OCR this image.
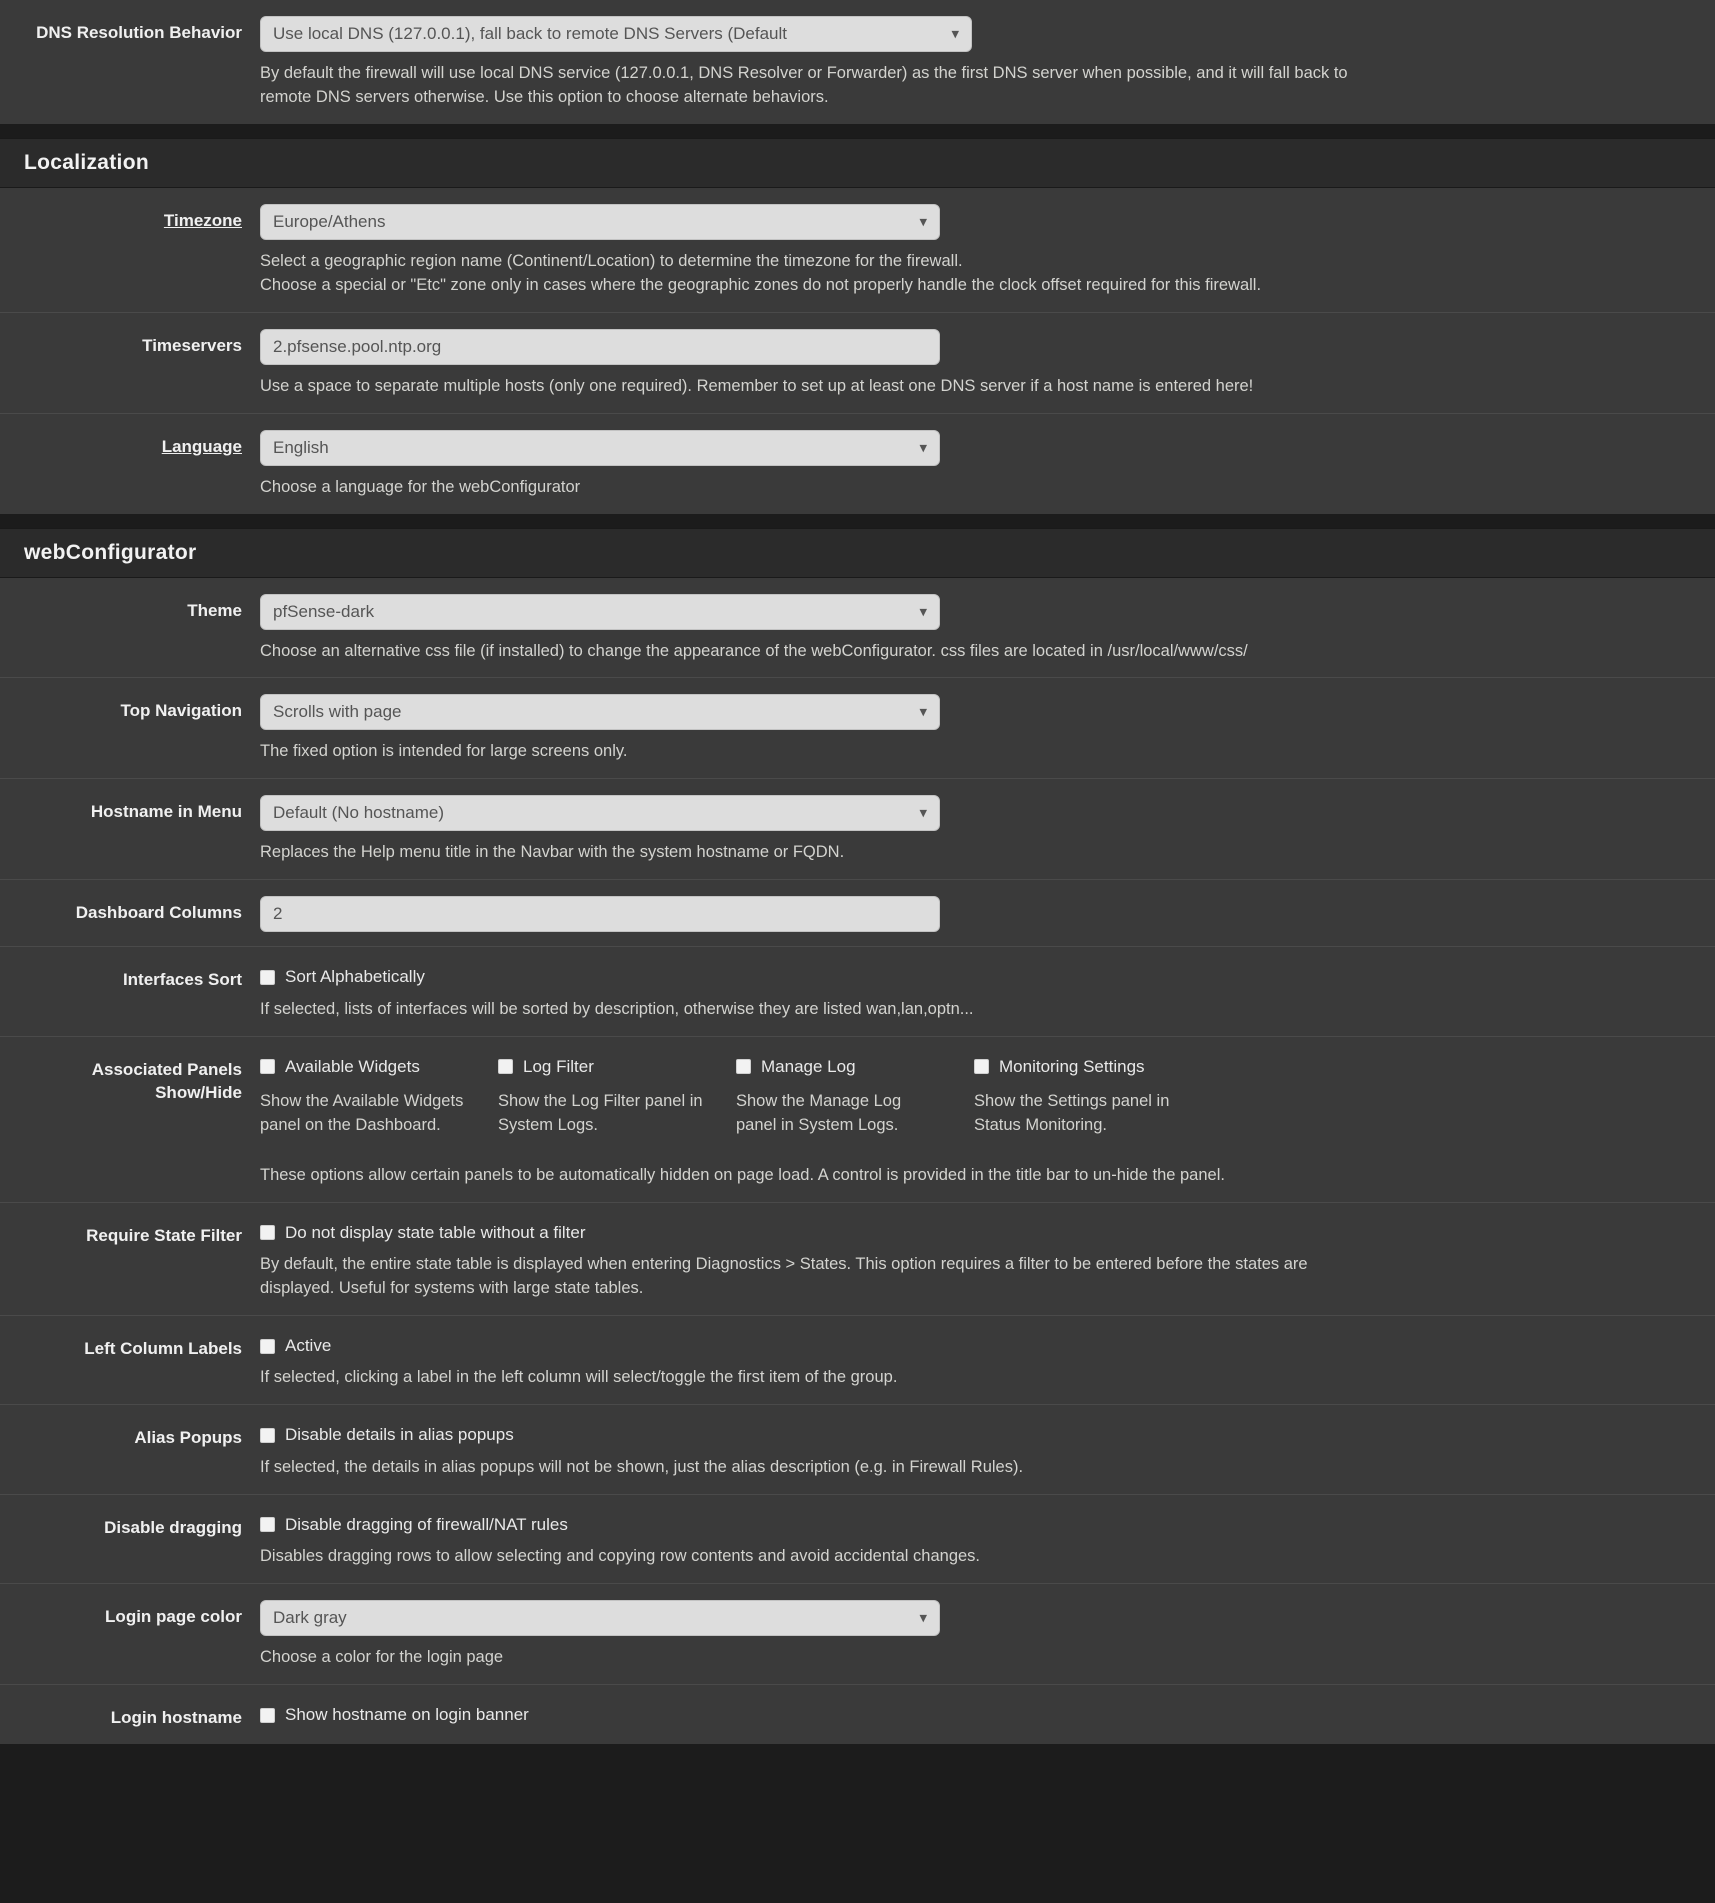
DNS Resolution Behavior
Use local DNS (127.0.0.1), fall back to remote DNS Servers (Default	▾
By default the firewall will use local DNS service (127.0.0.1, DNS Resolver or Forwarder) as the first DNS server when possible, and it will fall back to
remote DNS servers otherwise. Use this option to choose alternate behaviors.
Localization
Timezone
Europe/Athens	▾
Select a geographic region name (Continent/Location) to determine the timezone for the firewall.
Choose a special or "Etc" zone only in cases where the geographic zones do not properly handle the clock offset required for this firewall.
Timeservers
2.pfsense.pool.ntp.org
Use a space to separate multiple hosts (only one required). Remember to set up at least one DNS server if a host name is entered here!
Language
English	▾
Choose a language for the webConfigurator
webConfigurator
Theme
pfSense-dark	▾
Choose an alternative css file (if installed) to change the appearance of the webConfigurator. css files are located in /usr/local/www/css/
Top Navigation
Scrolls with page	▾
The fixed option is intended for large screens only.
Hostname in Menu
Default (No hostname)	▾
Replaces the Help menu title in the Navbar with the system hostname or FQDN.
Dashboard Columns
2
Interfaces Sort	Sort Alphabetically
If selected, lists of interfaces will be sorted by description, otherwise they are listed wan,lan,optn...
Associated Panels
Show/Hide
Available Widgets
Show the Available Widgets panel on the Dashboard.
Log Filter
Show the Log Filter panel in System Logs.
Manage Log
Show the Manage Log panel in System Logs.
Monitoring Settings
Show the Settings panel in Status Monitoring.
These options allow certain panels to be automatically hidden on page load. A control is provided in the title bar to un-hide the panel.
Require State Filter	Do not display state table without a filter
By default, the entire state table is displayed when entering Diagnostics > States. This option requires a filter to be entered before the states are
displayed. Useful for systems with large state tables.
Left Column Labels	Active
If selected, clicking a label in the left column will select/toggle the first item of the group.
Alias Popups	Disable details in alias popups
If selected, the details in alias popups will not be shown, just the alias description (e.g. in Firewall Rules).
Disable dragging	Disable dragging of firewall/NAT rules
Disables dragging rows to allow selecting and copying row contents and avoid accidental changes.
Login page color
Dark gray	▾
Choose a color for the login page
Login hostname	Show hostname on login banner
